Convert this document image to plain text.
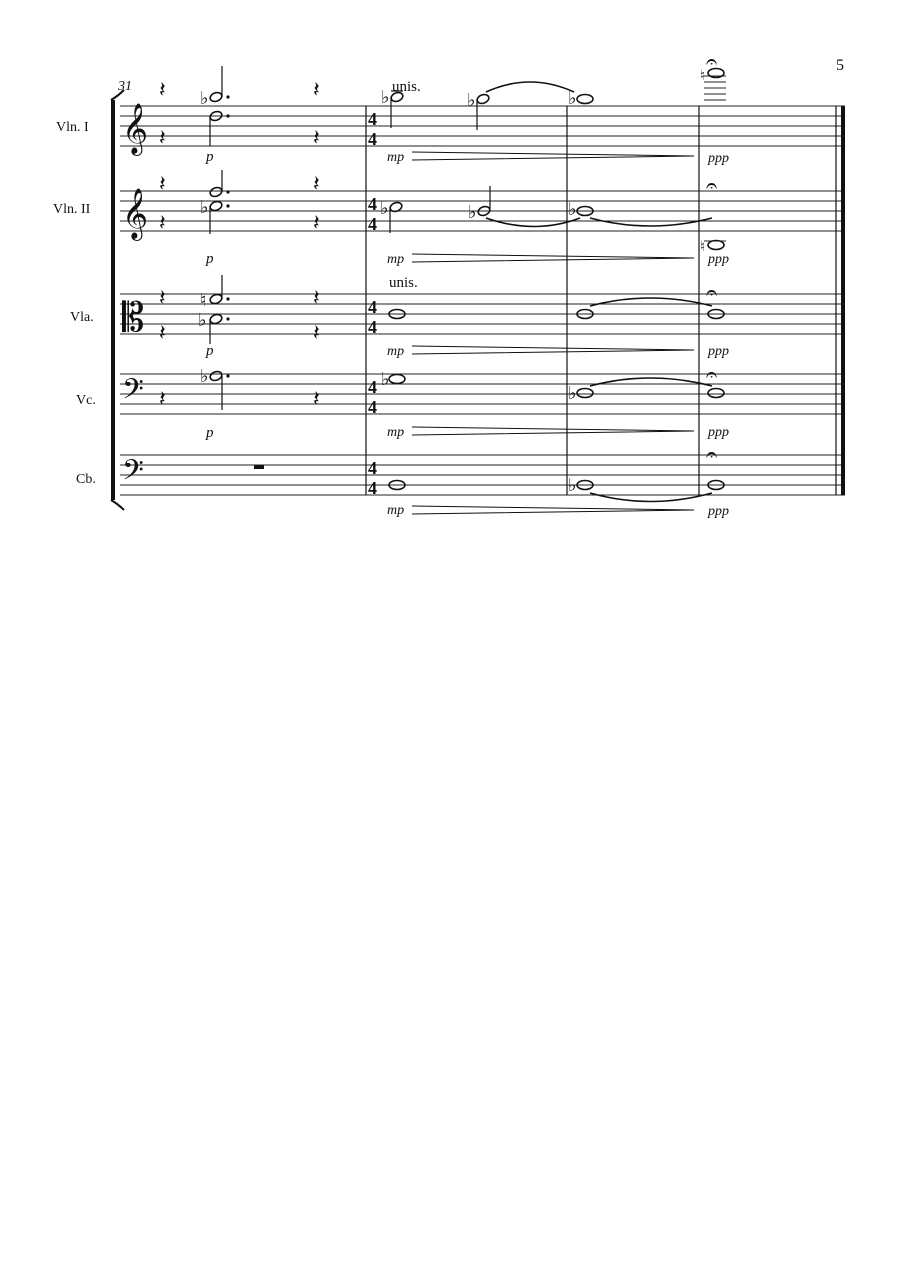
5
31
Vln. I
Vln. II
Vla.
Vc.
Cb.
𝄞
𝄞
𝄡
𝄢
𝄢
4
4
4
4
4
4
4
4
4
4
𝄽
𝄽
𝄽
𝄽
𝄽
𝄽
𝄽
𝄽
𝄽
𝄽
𝄽
𝄽
𝄽	𝄽
♭
♭
♮
♭
♭
♭	♭	♭
♮
𝄐
♭	♭	♭
𝄐
♮
𝄐
♭
♭
𝄐
♭
𝄐
unis.
unis.
p
p
p
p
mp
mp
mp
mp
mp
ppp
ppp
ppp
ppp
ppp
